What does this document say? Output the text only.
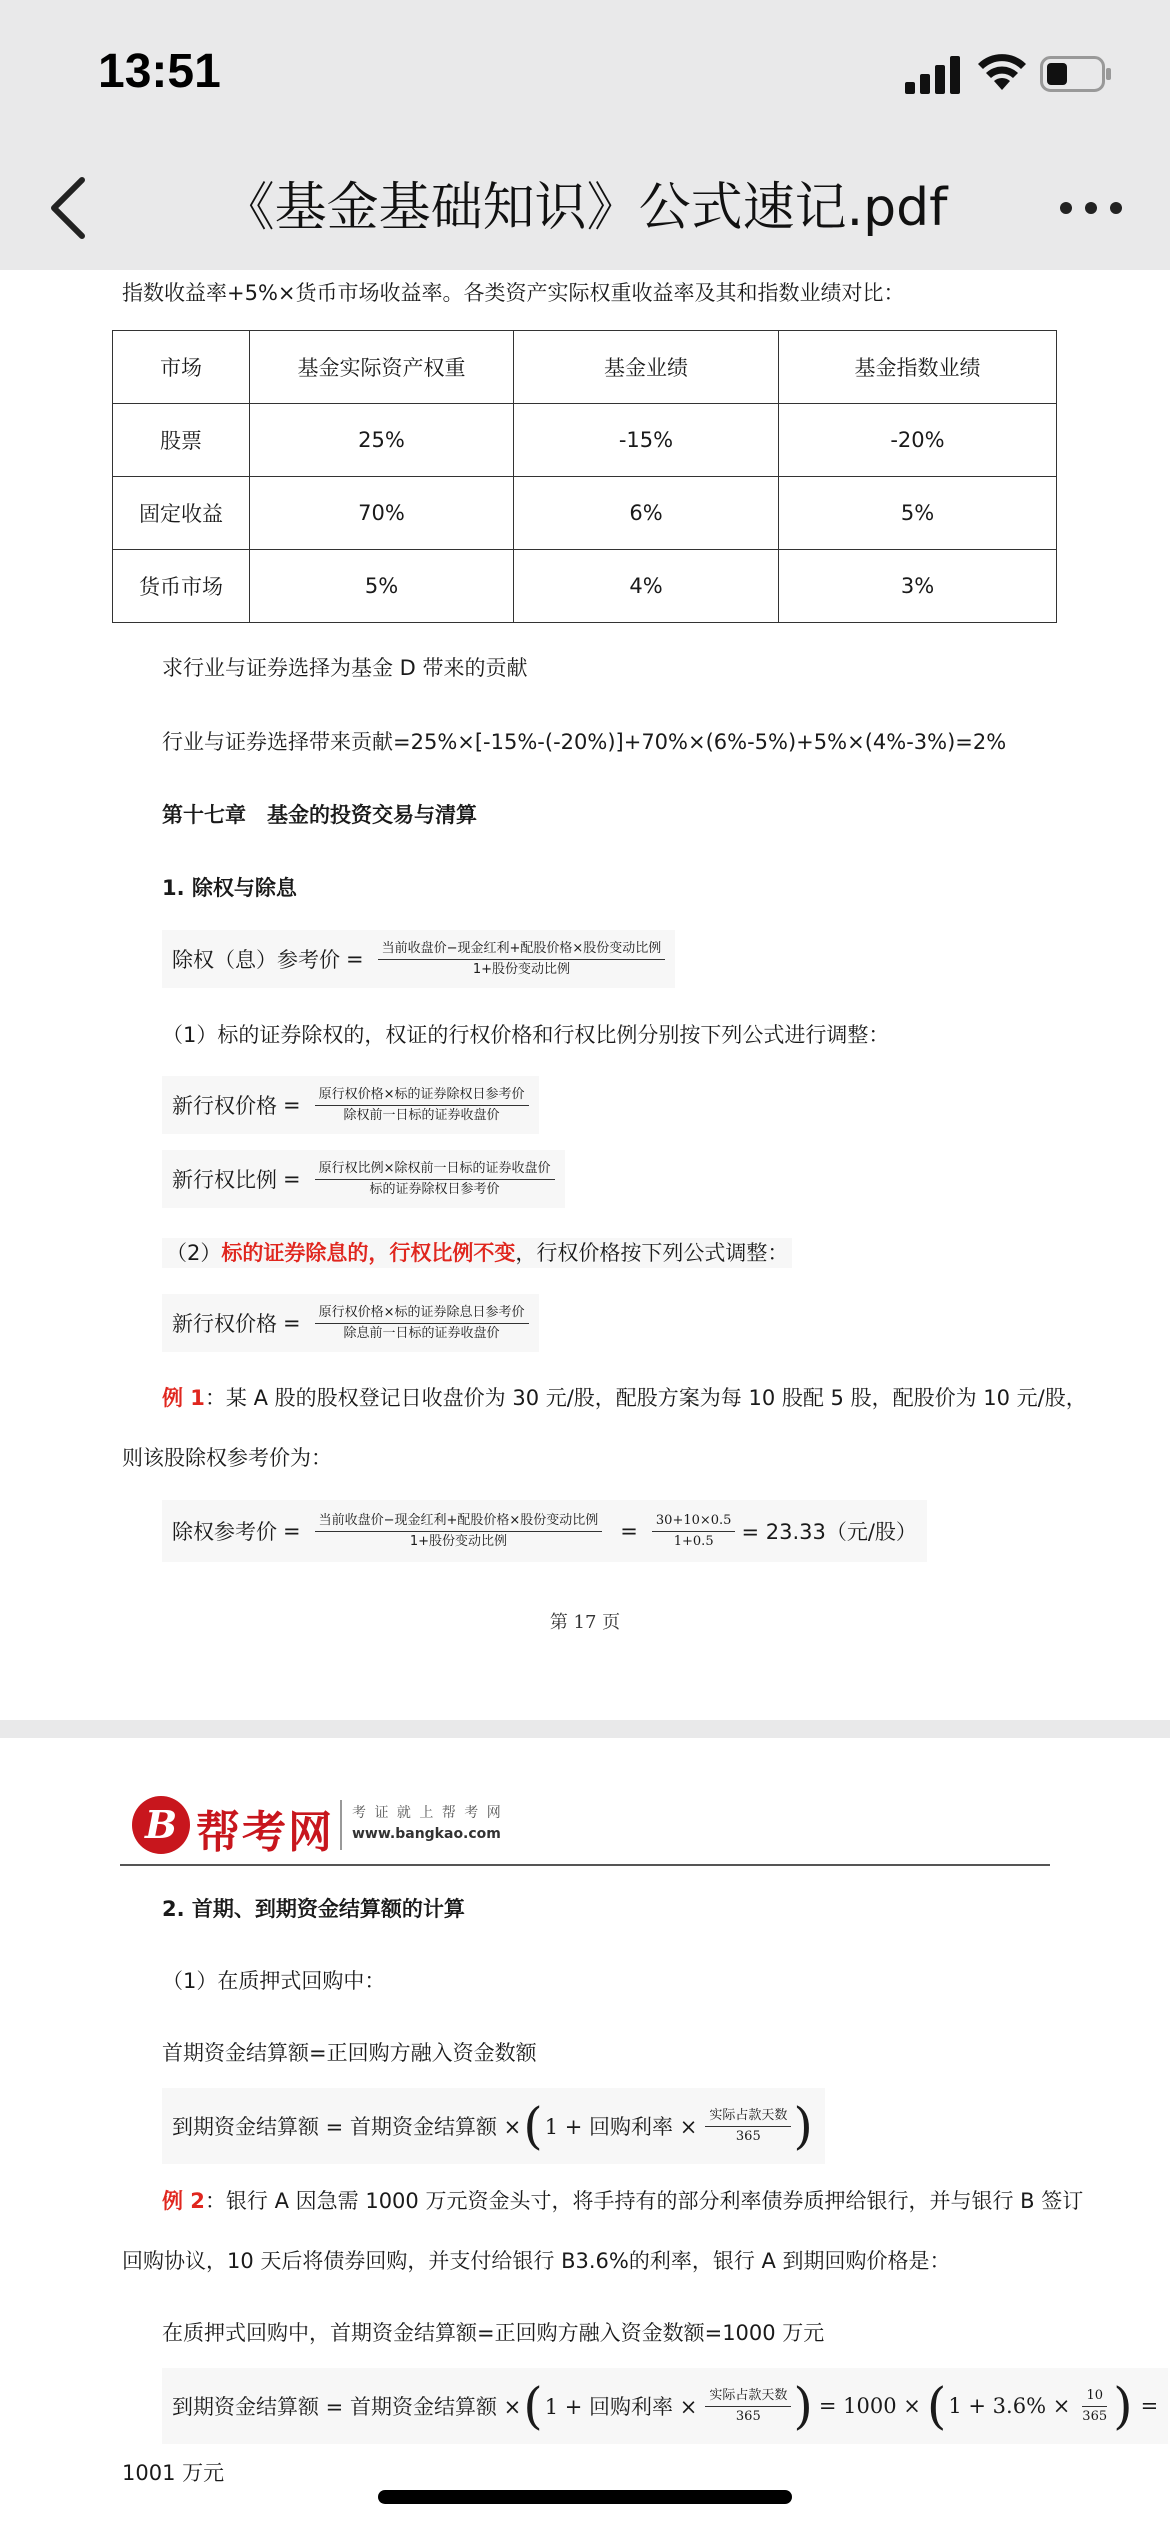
13:51
《基金基础知识》公式速记.pdf
指数收益率+5%×货币市场收益率。各类资产实际权重收益率及其和指数业绩对比：
市场	基金实际资产权重	基金业绩	基金指数业绩
股票	25%	-15%	-20%
固定收益	70%	6%	5%
货币市场	5%	4%	3%
求行业与证券选择为基金 D 带来的贡献
行业与证券选择带来贡献=25%×[-15%-(-20%)]+70%×(6%-5%)+5%×(4%-3%)=2%
第十七章　基金的投资交易与清算
1. 除权与除息
除权（息）参考价 = $\frac{\text{当前收盘价−现金红利+配股价格×股份变动比例}}{\text{1+股份变动比例}}$
（1）标的证券除权的，权证的行权价格和行权比例分别按下列公式进行调整：
新行权价格 = $\frac{\text{原行权价格×标的证券除权日参考价}}{\text{除权前一日标的证券收盘价}}$
新行权比例 = $\frac{\text{原行权比例×除权前一日标的证券收盘价}}{\text{标的证券除权日参考价}}$
（2）标的证券除息的，行权比例不变，行权价格按下列公式调整：
新行权价格 = $\frac{\text{原行权价格×标的证券除息日参考价}}{\text{除息前一日标的证券收盘价}}$
例 1：某 A 股的股权登记日收盘价为 30 元/股，配股方案为每 10 股配 5 股，配股价为 10 元/股，
则该股除权参考价为：
除权参考价 = $\frac{\text{当前收盘价−现金红利+配股价格×股份变动比例}}{\text{1+股份变动比例}} = \frac{30+10\times 0.5}{1+0.5} = 23.33$（元/股）
第 17 页
B 帮考网 考 证 就 上 帮 考 网
www.bangkao.com
2. 首期、到期资金结算额的计算
（1）在质押式回购中：
首期资金结算额=正回购方融入资金数额
到期资金结算额 = 首期资金结算额 × ( 1 + 回购利率 × $\frac{\text{实际占款天数}}{365}$ )
例 2：银行 A 因急需 1000 万元资金头寸，将手持有的部分利率债券质押给银行，并与银行 B 签订
回购协议，10 天后将债券回购，并支付给银行 B3.6%的利率，银行 A 到期回购价格是：
在质押式回购中，首期资金结算额=正回购方融入资金数额=1000 万元
到期资金结算额 = 首期资金结算额 × ( 1 + 回购利率 × $\frac{\text{实际占款天数}}{365}$ ) = 1000 × ( $1 + 3.6\% \times \frac{10}{365}$ ) =
1001 万元
